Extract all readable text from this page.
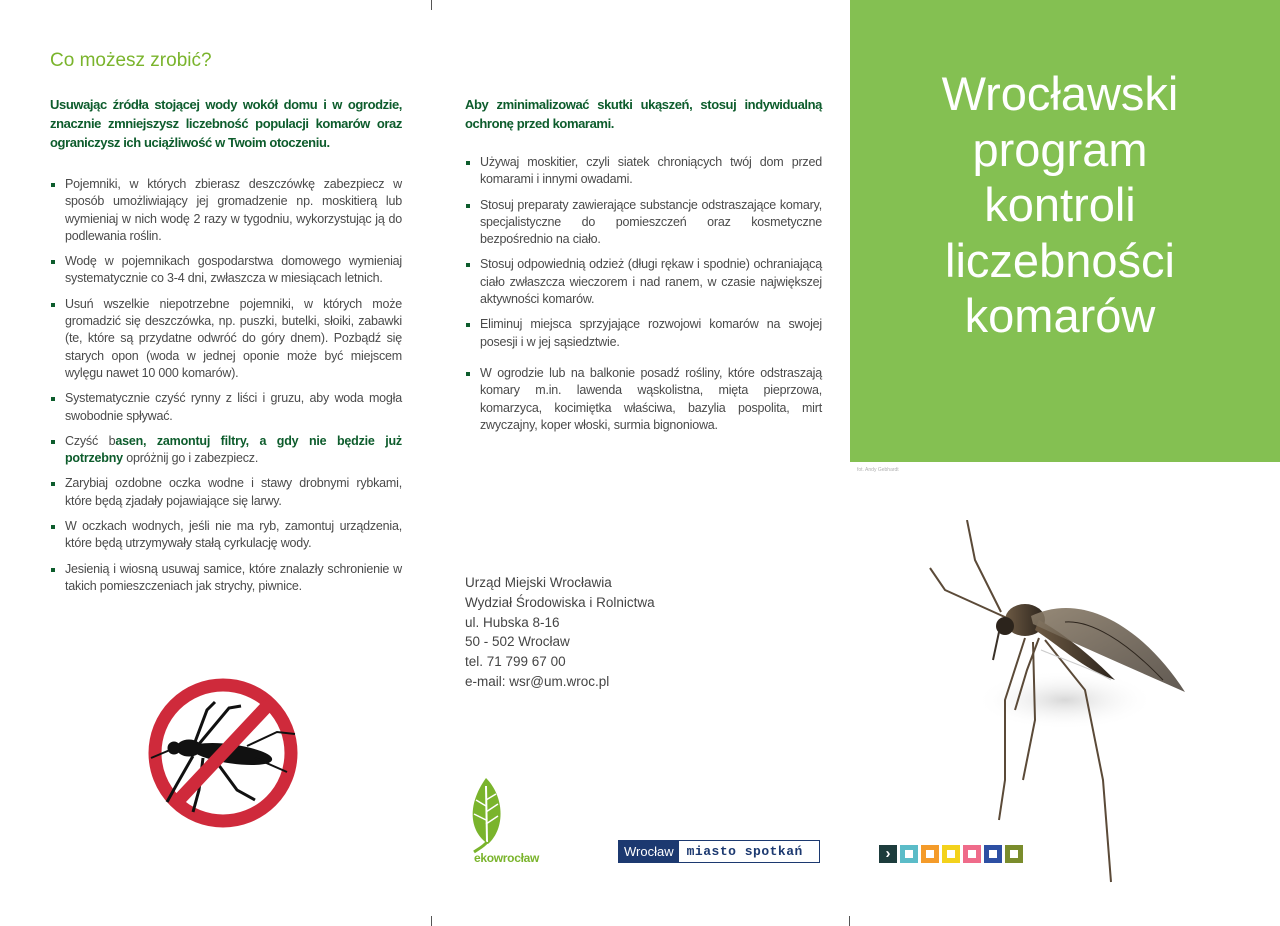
Co możesz zrobić?

Usuwając źródła stojącej wody wokół domu i w ogrodzie, znacznie zmniejszysz liczebność populacji komarów oraz ograniczysz ich uciążliwość w Twoim otoczeniu.

Pojemniki, w których zbierasz deszczówkę zabezpiecz w sposób umożliwiający jej gromadzenie np. moskitierą lub wymieniaj w nich wodę 2 razy w tygodniu, wykorzystując ją do podlewania roślin.
Wodę w pojemnikach gospodarstwa domowego wymieniaj systematycznie co 3-4 dni, zwłaszcza w miesiącach letnich.
Usuń wszelkie niepotrzebne pojemniki, w których może gromadzić się deszczówka, np. puszki, butelki, słoiki, zabawki (te, które są przydatne odwróć do góry dnem). Pozbądź się starych opon (woda w jednej oponie może być miejscem wylęgu nawet 10 000 komarów).
Systematycznie czyść rynny z liści i gruzu, aby woda mogła swobodnie spływać.
Czyść basen, zamontuj filtry, a gdy nie będzie już potrzebny opróżnij go i zabezpiecz.
Zarybiaj ozdobne oczka wodne i stawy drobnymi rybkami, które będą zjadały pojawiające się larwy.
W oczkach wodnych, jeśli nie ma ryb, zamontuj urządzenia, które będą utrzymywały stałą cyrkulację wody.
Jesienią i wiosną usuwaj samice, które znalazły schronienie w takich pomieszczeniach jak strychy, piwnice.

Aby zminimalizować skutki ukąszeń, stosuj indywidualną ochronę przed komarami.

Używaj moskitier, czyli siatek chroniących twój dom przed komarami i innymi owadami.
Stosuj preparaty zawierające substancje odstraszające komary, specjalistyczne do pomieszczeń oraz kosmetyczne bezpośrednio na ciało.
Stosuj odpowiednią odzież (długi rękaw i spodnie) ochraniającą ciało zwłaszcza wieczorem i nad ranem, w czasie największej aktywności komarów.
Eliminuj miejsca sprzyjające rozwojowi komarów na swojej posesji i w jej sąsiedztwie.
W ogrodzie lub na balkonie posadź rośliny, które odstraszają komary m.in. lawenda wąskolistna, mięta pieprzowa, komarzyca, kocimiętka właściwa, bazylia pospolita, mirt zwyczajny, koper włoski, surmia bignoniowa.
Urząd Miejski Wrocławia
Wydział Środowiska i Rolnictwa
ul. Hubska 8-16
50 - 502 Wrocław
tel. 71 799 67 00
e-mail: wsr@um.wroc.pl
ekowrocław	Wrocław	miasto spotkań
Wrocławski
program
kontroli
liczebności
komarów
fot. Andy Gebhardt
›
